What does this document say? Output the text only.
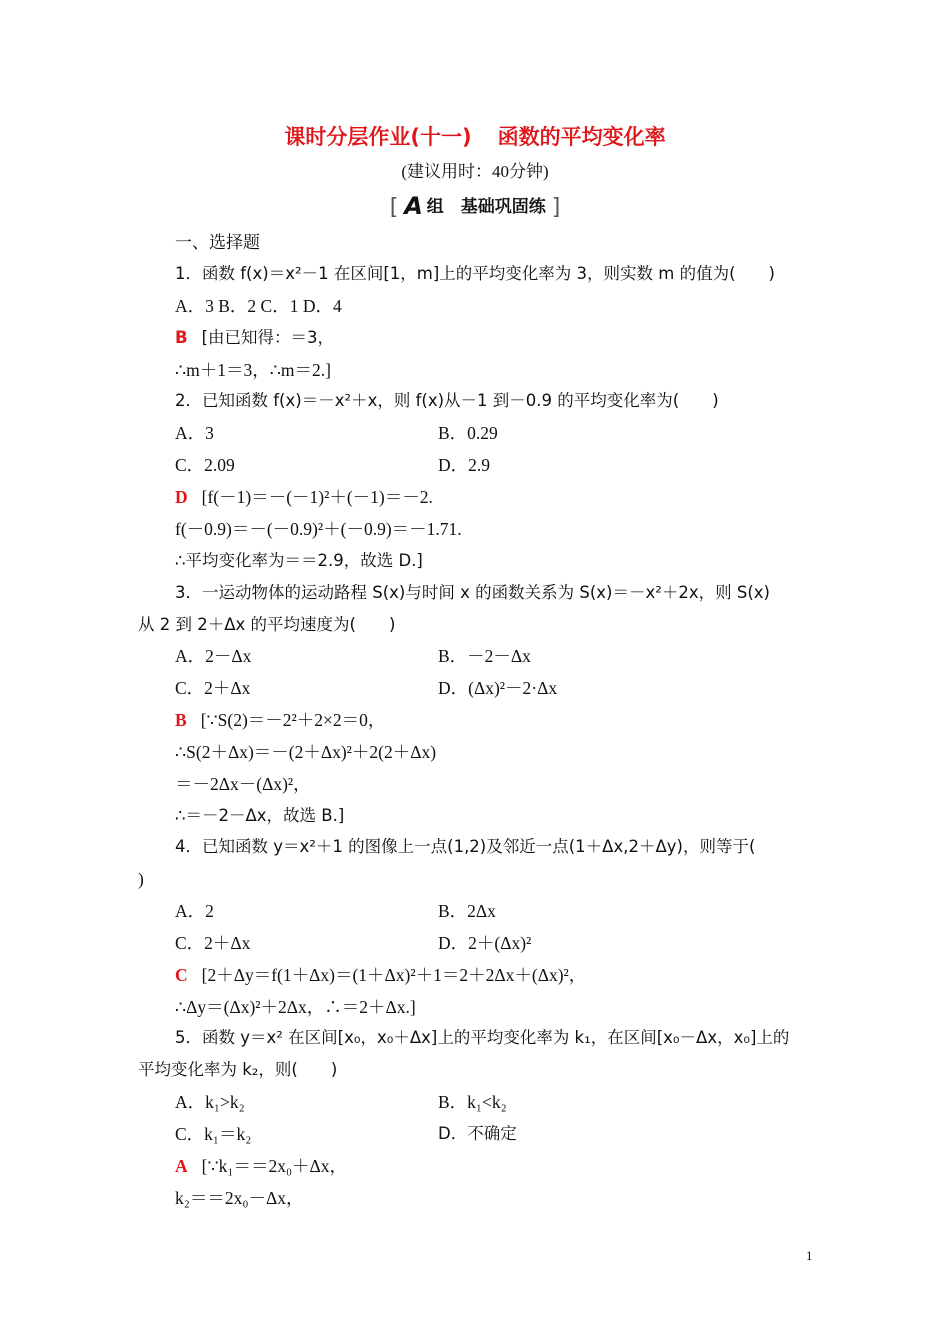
课时分层作业(十一) 函数的平均变化率
(建议用时：40分钟)
[ A 组　基础巩固练 ]
一、选择题
1．函数 f(x)＝x²－1 在区间[1，m]上的平均变化率为 3，则实数 m 的值为(　　)
A．3 B．2 C．1 D．4
B [由已知得：＝3，
∴m＋1＝3，∴m＝2.]
2．已知函数 f(x)＝－x²＋x，则 f(x)从－1 到－0.9 的平均变化率为(　　)
A．3	B．0.29
C．2.09	D．2.9
D [f(－1)＝－(－1)²＋(－1)＝－2.
f(－0.9)＝－(－0.9)²＋(－0.9)＝－1.71.
∴平均变化率为＝＝2.9，故选 D.]
3．一运动物体的运动路程 S(x)与时间 x 的函数关系为 S(x)＝－x²＋2x，则 S(x)
从 2 到 2＋Δx 的平均速度为(　　)
A．2－Δx	B．－2－Δx
C．2＋Δx	D．(Δx)²－2·Δx
B [∵S(2)＝－2²＋2×2＝0，
∴S(2＋Δx)＝－(2＋Δx)²＋2(2＋Δx)
＝－2Δx－(Δx)²，
∴＝－2－Δx，故选 B.]
4．已知函数 y＝x²＋1 的图像上一点(1,2)及邻近一点(1＋Δx,2＋Δy)，则等于(
)
A．2	B．2Δx
C．2＋Δx	D．2＋(Δx)²
C [2＋Δy＝f(1＋Δx)＝(1＋Δx)²＋1＝2＋2Δx＋(Δx)²，
∴Δy＝(Δx)²＋2Δx，∴＝2＋Δx.]
5．函数 y＝x² 在区间[x₀，x₀＋Δx]上的平均变化率为 k₁，在区间[x₀－Δx，x₀]上的
平均变化率为 k₂，则(　　)
A．k₁>k₂	B．k₁<k₂
C．k₁＝k₂	D．不确定
A [∵k₁＝＝2x₀＋Δx，
k₂＝＝2x₀－Δx，
1
